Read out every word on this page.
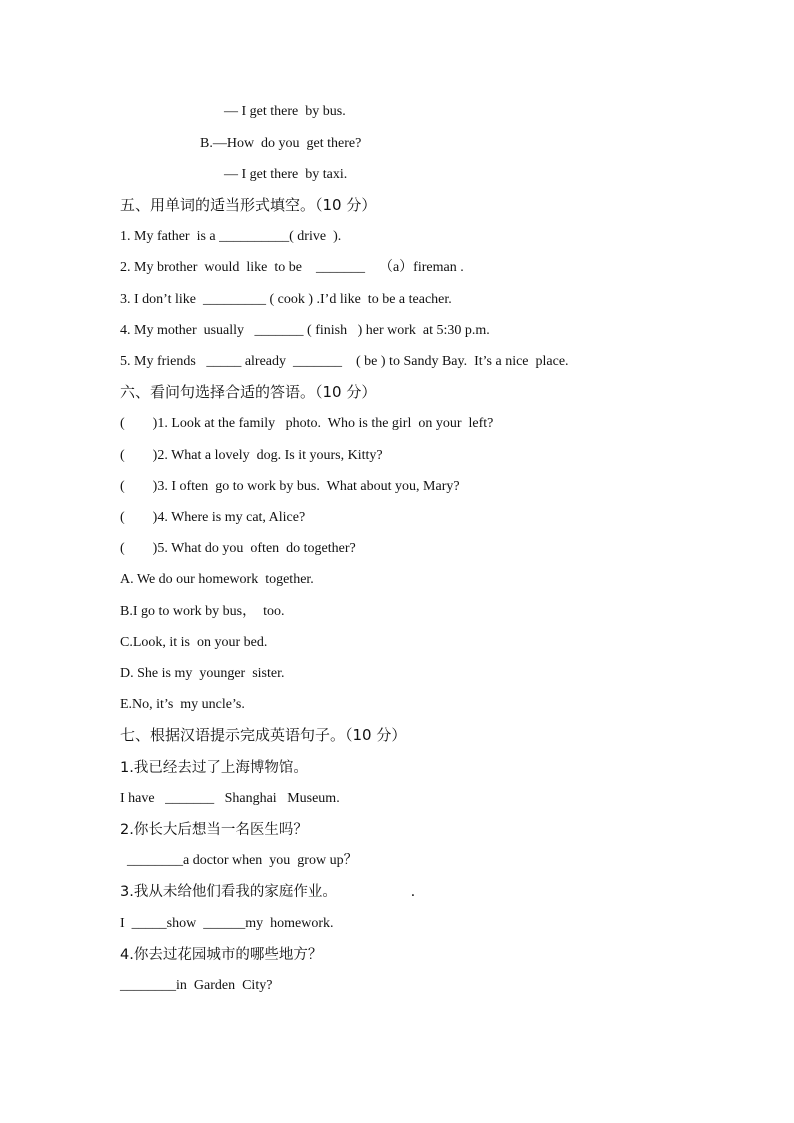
— I get there  by bus.
B.—How  do you  get there?
— I get there  by taxi.
五、用单词的适当形式填空。（10 分）
1. My father  is a __________( drive  ).
2. My brother  would  like  to be    _______    （a）fireman .
3. I don’t like  _________ ( cook ) .I’d like  to be a teacher.
4. My mother  usually   _______ ( finish   ) her work  at 5:30 p.m.
5. My friends   _____ already  _______    ( be ) to Sandy Bay.  It’s a nice  place.
六、看问句选择合适的答语。（10 分）
(        )1. Look at the family   photo.  Who is the girl  on your  left?
(        )2. What a lovely  dog. Is it yours, Kitty?
(        )3. I often  go to work by bus.  What about you, Mary?
(        )4. Where is my cat, Alice?
(        )5. What do you  often  do together?
A. We do our homework  together.
B.I go to work by bus，  too.
C.Look, it is  on your bed.
D. She is my  younger  sister.
E.No, it’s  my uncle’s.
七、根据汉语提示完成英语句子。（10 分）
1.我已经去过了上海博物馆。
I have   _______   Shanghai   Museum.
2.你长大后想当一名医生吗？
________a doctor when  you  grow up？
3.我从未给他们看我的家庭作业。                .
I  _____show  ______my  homework.
4.你去过花园城市的哪些地方？
________in  Garden  City?
